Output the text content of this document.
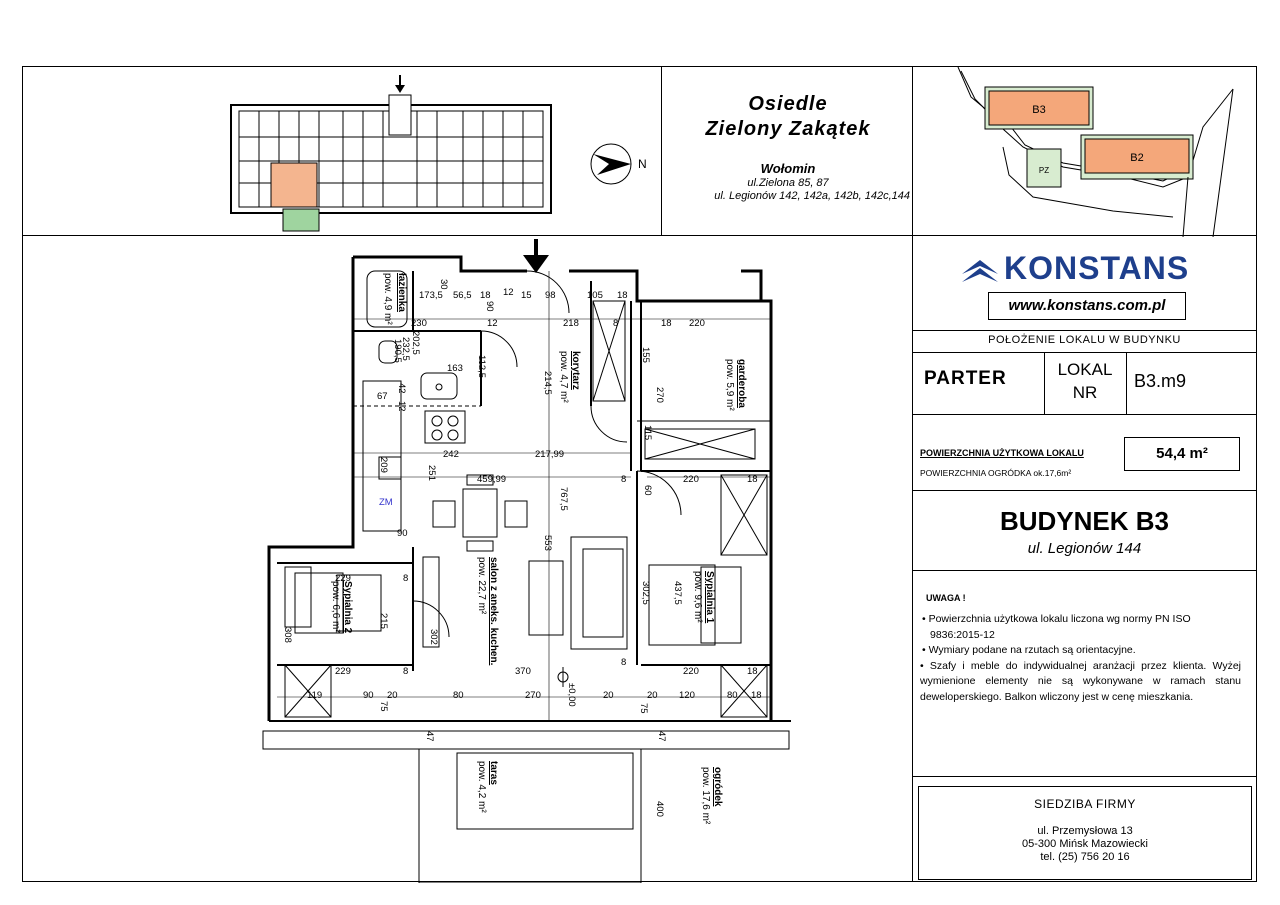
N
Osiedle
Zielony Zakątek
Wołomin
ul.Zielona 85, 87
ul. Legionów 142, 142a, 142b, 142c,144
B3
B2
PZ
173,5 56,5 18 12 15 98	105 18
230	12	218	220
8	18
163
67
242	217,99
459,99
90
8	220	18
229	8
229	8	370
8
220	18
119	90 20	80	270	20	20 120	80 18
30
90
202,5
232,5
190,5
112,5
214,5
155
270
115
42
12
209
251
767,5
553
60
437,5
302,5
215
308	302
±0,00
75	75
47	47
400
ZM
łazienka
pow. 4,9 m²
korytarz
pow. 4,7 m²	garderoba
pow. 5,9 m²
salon z aneks. kuchen.
pow. 22,7 m²	Sypialnia 1
pow. 9,6 m²
Sypialnia 2
pow. 6,6 m²
taras
pow. 4,2 m²	ogródek
pow. 17,6 m²
KONSTANS
www.konstans.com.pl
POŁOŻENIE LOKALU W BUDYNKU
PARTER	LOKAL
NR
B3.m9
POWIERZCHNIA UŻYTKOWA LOKALU	54,4 m²
POWIERZCHNIA OGRÓDKA ok.17,6m²
BUDYNEK B3
ul. Legionów 144
UWAGA !
• Powierzchnia użytkowa lokalu liczona wg normy PN ISO 9836:2015-12
• Wymiary podane na rzutach są orientacyjne.
• Szafy i meble do indywidualnej aranżacji przez klienta. Wyżej wymienione elementy nie są wykonywane w ramach stanu deweloperskiego. Balkon wliczony jest w cenę mieszkania.
SIEDZIBA FIRMY
ul. Przemysłowa 13
05-300 Mińsk Mazowiecki
tel. (25) 756 20 16
